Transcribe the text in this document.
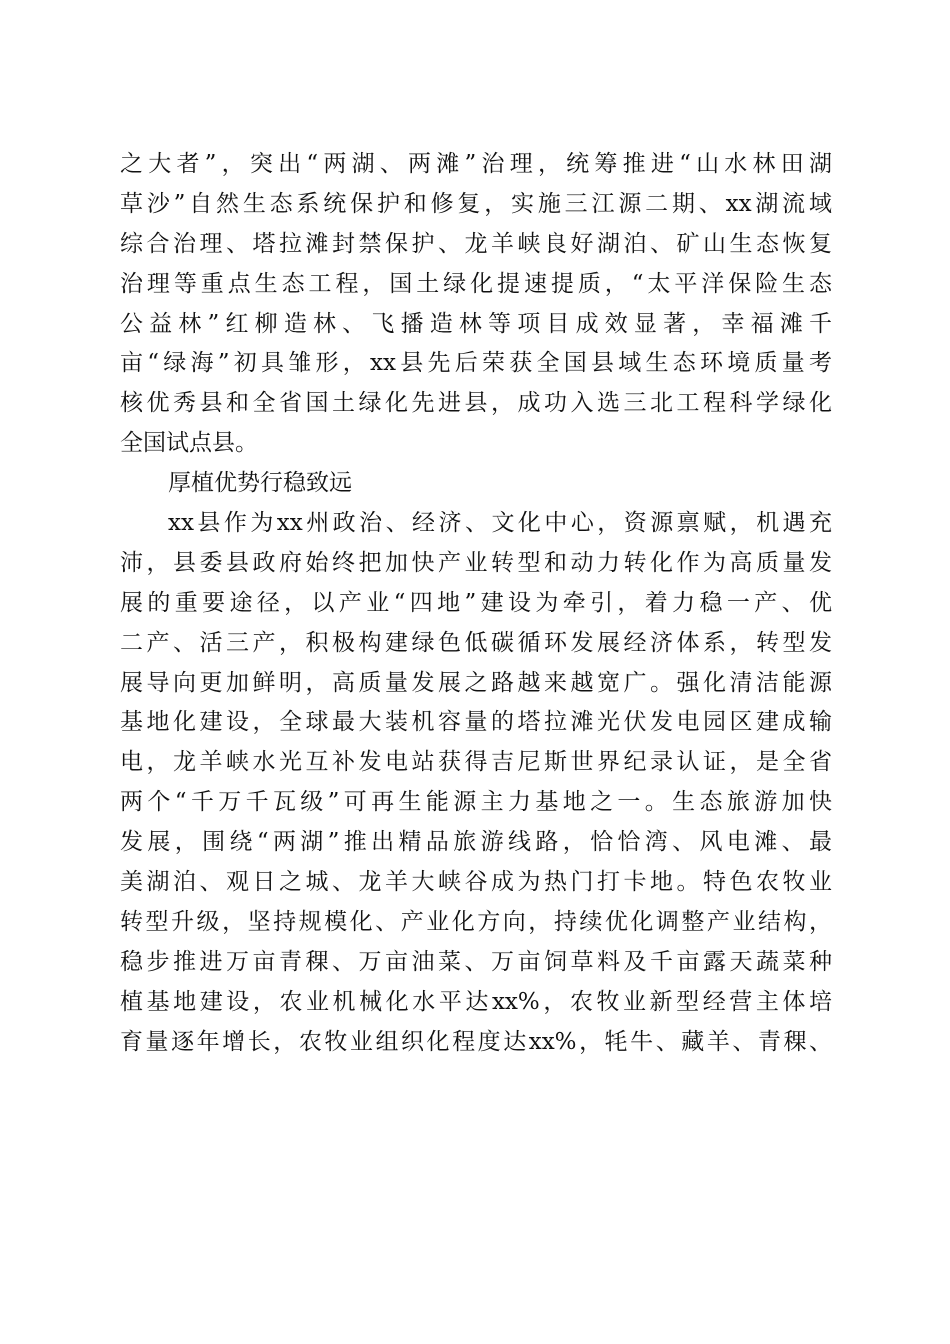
之大者”，突出“两湖、两滩”治理，统筹推进“山水林田湖
草沙”自然生态系统保护和修复，实施三江源二期、xx湖流域
综合治理、塔拉滩封禁保护、龙羊峡良好湖泊、矿山生态恢复
治理等重点生态工程，国土绿化提速提质，“太平洋保险生态
公益林”红柳造林、飞播造林等项目成效显著，幸福滩千
亩“绿海”初具雏形，xx县先后荣获全国县域生态环境质量考
核优秀县和全省国土绿化先进县，成功入选三北工程科学绿化
全国试点县。
厚植优势行稳致远
xx县作为xx州政治、经济、文化中心，资源禀赋，机遇充
沛，县委县政府始终把加快产业转型和动力转化作为高质量发
展的重要途径，以产业“四地”建设为牵引，着力稳一产、优
二产、活三产，积极构建绿色低碳循环发展经济体系，转型发
展导向更加鲜明，高质量发展之路越来越宽广。强化清洁能源
基地化建设，全球最大装机容量的塔拉滩光伏发电园区建成输
电，龙羊峡水光互补发电站获得吉尼斯世界纪录认证，是全省
两个“千万千瓦级”可再生能源主力基地之一。生态旅游加快
发展，围绕“两湖”推出精品旅游线路，恰恰湾、风电滩、最
美湖泊、观日之城、龙羊大峡谷成为热门打卡地。特色农牧业
转型升级，坚持规模化、产业化方向，持续优化调整产业结构，
稳步推进万亩青稞、万亩油菜、万亩饲草料及千亩露天蔬菜种
植基地建设，农业机械化水平达xx%，农牧业新型经营主体培
育量逐年增长，农牧业组织化程度达xx%，牦牛、藏羊、青稞、
